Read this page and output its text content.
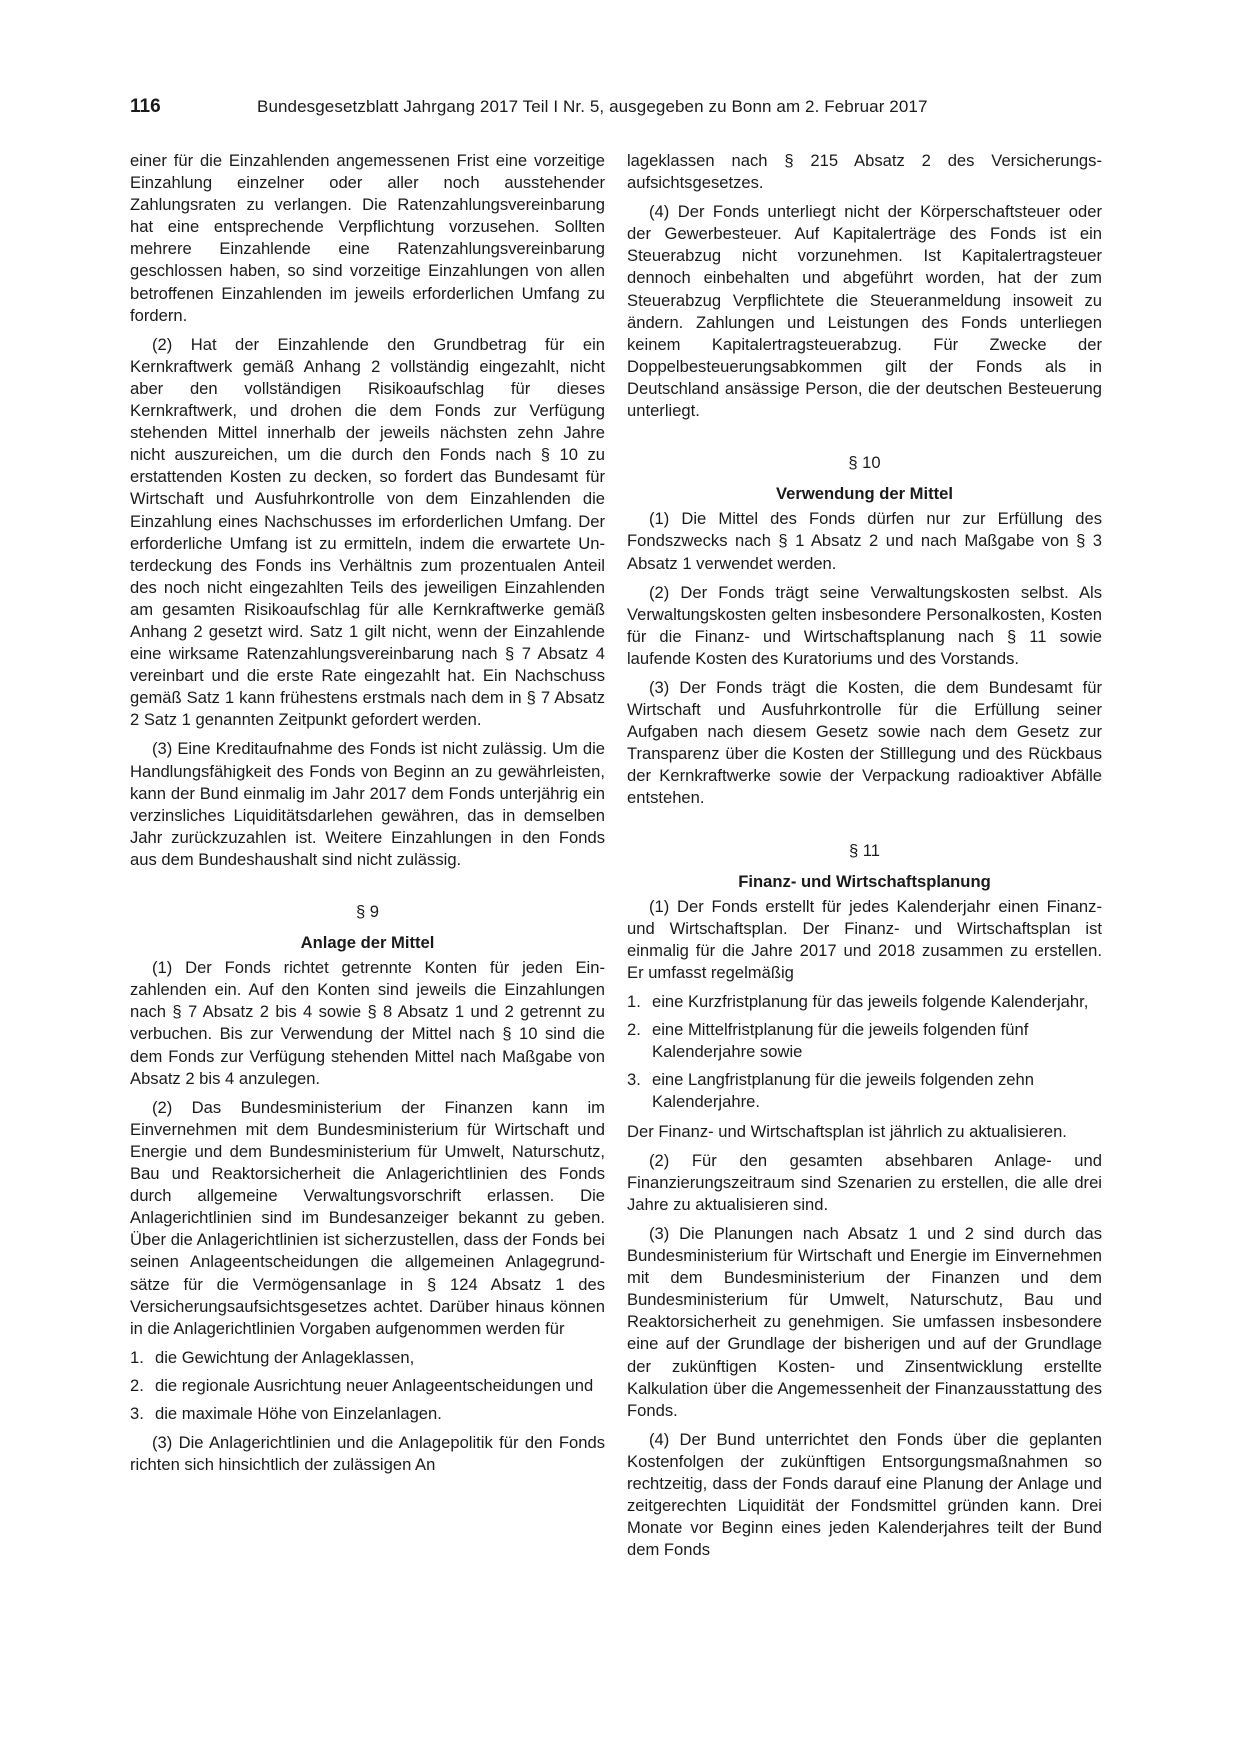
116	Bundesgesetzblatt Jahrgang 2017 Teil I Nr. 5, ausgegeben zu Bonn am 2. Februar 2017

einer für die Einzahlenden angemessenen Frist eine vorzeitige Einzahlung einzelner oder aller noch ausstehender Zahlungsraten zu verlangen. Die Ratenzahlungsvereinbarung hat eine entsprechende Verpflichtung vorzusehen. Sollten mehrere Einzahlende eine Ratenzahlungsvereinbarung geschlossen haben, so sind vorzeitige Einzahlungen von allen betroffenen Einzahlenden im jeweils erforderlichen Umfang zu fordern.

(2) Hat der Einzahlende den Grundbetrag für ein Kernkraftwerk gemäß Anhang 2 vollständig eingezahlt, nicht aber den vollständigen Risikoaufschlag für dieses Kernkraftwerk, und drohen die dem Fonds zur Verfügung stehenden Mittel innerhalb der jeweils nächsten zehn Jahre nicht auszureichen, um die durch den Fonds nach § 10 zu erstattenden Kosten zu decken, so fordert das Bundesamt für Wirtschaft und Ausfuhrkontrolle von dem Einzahlenden die Einzahlung eines Nachschusses im erforderlichen Umfang. Der erforderliche Umfang ist zu ermitteln, indem die erwartete Unterdeckung des Fonds ins Verhältnis zum prozentualen Anteil des noch nicht eingezahlten Teils des jeweiligen Einzahlenden am gesamten Risikoaufschlag für alle Kernkraftwerke gemäß Anhang 2 gesetzt wird. Satz 1 gilt nicht, wenn der Einzahlende eine wirksame Ratenzahlungsvereinbarung nach § 7 Absatz 4 vereinbart und die erste Rate eingezahlt hat. Ein Nachschuss gemäß Satz 1 kann frühestens erstmals nach dem in § 7 Absatz 2 Satz 1 genannten Zeitpunkt gefordert werden.

(3) Eine Kreditaufnahme des Fonds ist nicht zulässig. Um die Handlungsfähigkeit des Fonds von Beginn an zu gewährleisten, kann der Bund einmalig im Jahr 2017 dem Fonds unterjährig ein verzinsliches Liquiditätsdarlehen gewähren, das in demselben Jahr zurückzuzahlen ist. Weitere Einzahlungen in den Fonds aus dem Bundeshaushalt sind nicht zulässig.

§ 9
Anlage der Mittel

(1) Der Fonds richtet getrennte Konten für jeden Einzahlenden ein. Auf den Konten sind jeweils die Einzahlungen nach § 7 Absatz 2 bis 4 sowie § 8 Absatz 1 und 2 getrennt zu verbuchen. Bis zur Verwendung der Mittel nach § 10 sind die dem Fonds zur Verfügung stehenden Mittel nach Maßgabe von Absatz 2 bis 4 anzulegen.

(2) Das Bundesministerium der Finanzen kann im Einvernehmen mit dem Bundesministerium für Wirtschaft und Energie und dem Bundesministerium für Umwelt, Naturschutz, Bau und Reaktorsicherheit die Anlagerichtlinien des Fonds durch allgemeine Verwaltungsvorschrift erlassen. Die Anlagerichtlinien sind im Bundesanzeiger bekannt zu geben. Über die Anlagerichtlinien ist sicherzustellen, dass der Fonds bei seinen Anlageentscheidungen die allgemeinen Anlagegrundsätze für die Vermögensanlage in § 124 Absatz 1 des Versicherungsaufsichtsgesetzes achtet. Darüber hinaus können in die Anlagerichtlinien Vorgaben aufgenommen werden für

1. die Gewichtung der Anlageklassen,
2. die regionale Ausrichtung neuer Anlageentscheidungen und
3. die maximale Höhe von Einzelanlagen.

(3) Die Anlagerichtlinien und die Anlagepolitik für den Fonds richten sich hinsichtlich der zulässigen An

lageklassen nach § 215 Absatz 2 des Versicherungsaufsichtsgesetzes.

(4) Der Fonds unterliegt nicht der Körperschaftsteuer oder der Gewerbesteuer. Auf Kapitalerträge des Fonds ist ein Steuerabzug nicht vorzunehmen. Ist Kapitalertragsteuer dennoch einbehalten und abgeführt worden, hat der zum Steuerabzug Verpflichtete die Steueranmeldung insoweit zu ändern. Zahlungen und Leistungen des Fonds unterliegen keinem Kapitalertragsteuerabzug. Für Zwecke der Doppelbesteuerungsabkommen gilt der Fonds als in Deutschland ansässige Person, die der deutschen Besteuerung unterliegt.

§ 10
Verwendung der Mittel

(1) Die Mittel des Fonds dürfen nur zur Erfüllung des Fondszwecks nach § 1 Absatz 2 und nach Maßgabe von § 3 Absatz 1 verwendet werden.

(2) Der Fonds trägt seine Verwaltungskosten selbst. Als Verwaltungskosten gelten insbesondere Personalkosten, Kosten für die Finanz- und Wirtschaftsplanung nach § 11 sowie laufende Kosten des Kuratoriums und des Vorstands.

(3) Der Fonds trägt die Kosten, die dem Bundesamt für Wirtschaft und Ausfuhrkontrolle für die Erfüllung seiner Aufgaben nach diesem Gesetz sowie nach dem Gesetz zur Transparenz über die Kosten der Stilllegung und des Rückbaus der Kernkraftwerke sowie der Verpackung radioaktiver Abfälle entstehen.

§ 11
Finanz- und Wirtschaftsplanung

(1) Der Fonds erstellt für jedes Kalenderjahr einen Finanz- und Wirtschaftsplan. Der Finanz- und Wirtschaftsplan ist einmalig für die Jahre 2017 und 2018 zusammen zu erstellen. Er umfasst regelmäßig

1. eine Kurzfristplanung für das jeweils folgende Kalenderjahr,
2. eine Mittelfristplanung für die jeweils folgenden fünf Kalenderjahre sowie
3. eine Langfristplanung für die jeweils folgenden zehn Kalenderjahre.

Der Finanz- und Wirtschaftsplan ist jährlich zu aktualisieren.

(2) Für den gesamten absehbaren Anlage- und Finanzierungszeitraum sind Szenarien zu erstellen, die alle drei Jahre zu aktualisieren sind.

(3) Die Planungen nach Absatz 1 und 2 sind durch das Bundesministerium für Wirtschaft und Energie im Einvernehmen mit dem Bundesministerium der Finanzen und dem Bundesministerium für Umwelt, Naturschutz, Bau und Reaktorsicherheit zu genehmigen. Sie umfassen insbesondere eine auf der Grundlage der bisherigen und auf der Grundlage der zukünftigen Kosten- und Zinsentwicklung erstellte Kalkulation über die Angemessenheit der Finanzausstattung des Fonds.

(4) Der Bund unterrichtet den Fonds über die geplanten Kostenfolgen der zukünftigen Entsorgungsmaßnahmen so rechtzeitig, dass der Fonds darauf eine Planung der Anlage und zeitgerechten Liquidität der Fondsmittel gründen kann. Drei Monate vor Beginn eines jeden Kalenderjahres teilt der Bund dem Fonds
